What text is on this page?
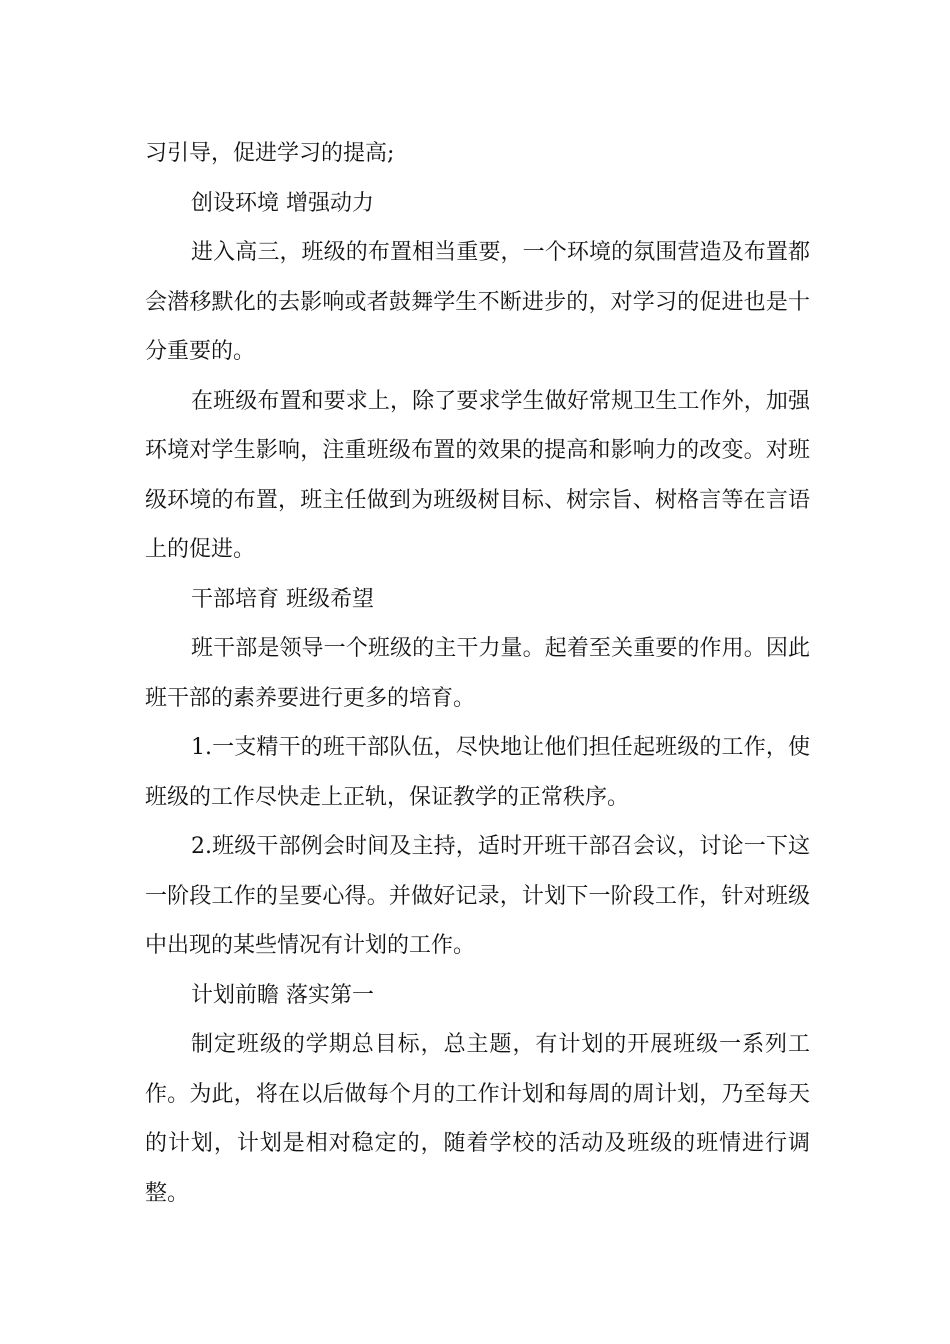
习引导，促进学习的提高;

创设环境 增强动力

进入高三，班级的布置相当重要，一个环境的氛围营造及布置都会潜移默化的去影响或者鼓舞学生不断进步的，对学习的促进也是十分重要的。

在班级布置和要求上，除了要求学生做好常规卫生工作外，加强环境对学生影响，注重班级布置的效果的提高和影响力的改变。对班级环境的布置，班主任做到为班级树目标、树宗旨、树格言等在言语上的促进。

干部培育 班级希望

班干部是领导一个班级的主干力量。起着至关重要的作用。因此班干部的素养要进行更多的培育。

1.一支精干的班干部队伍，尽快地让他们担任起班级的工作，使班级的工作尽快走上正轨，保证教学的正常秩序。

2.班级干部例会时间及主持，适时开班干部召会议，讨论一下这一阶段工作的呈要心得。并做好记录，计划下一阶段工作，针对班级中出现的某些情况有计划的工作。

计划前瞻 落实第一

制定班级的学期总目标，总主题，有计划的开展班级一系列工作。为此，将在以后做每个月的工作计划和每周的周计划，乃至每天的计划，计划是相对稳定的，随着学校的活动及班级的班情进行调整。
